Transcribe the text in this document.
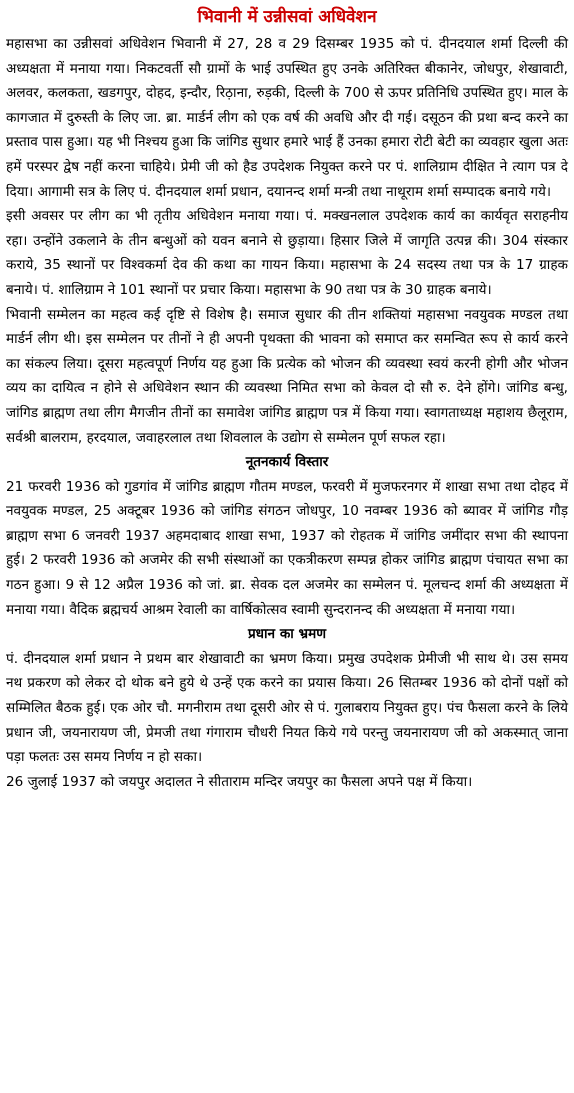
भिवानी में उन्नीसवां अधिवेशन

महासभा का उन्नीसवां अधिवेशन भिवानी में 27, 28 व 29 दिसम्बर 1935 को पं. दीनदयाल शर्मा दिल्ली की अध्यक्षता में मनाया गया। निकटवर्ती सौ ग्रामों के भाई उपस्थित हुए उनके अतिरिक्त बीकानेर, जोधपुर, शेखावाटी, अलवर, कलकता, खडगपुर, दोहद, इन्दौर, रिठ़ाना, रुड़की, दिल्ली के 700 से ऊपर प्रतिनिधि उपस्थित हुए। माल के कागजात में दुरुस्ती के लिए जा. ब्रा. मार्डर्न लीग को एक वर्ष की अवधि और दी गई। दसूठन की प्रथा बन्द करने का प्रस्ताव पास हुआ। यह भी निश्चय हुआ कि जांगिड सुथार हमारे भाई हैं उनका हमारा रोटी बेटी का व्यवहार खुला अतः हमें परस्पर द्वेष नहीं करना चाहिये। प्रेमी जी को हैड उपदेशक नियुक्त करने पर पं. शालिग्राम दीक्षित ने त्याग पत्र दे दिया। आगामी सत्र के लिए पं. दीनदयाल शर्मा प्रधान, दयानन्द शर्मा मन्त्री तथा नाथूराम शर्मा सम्पादक बनाये गये।

इसी अवसर पर लीग का भी तृतीय अधिवेशन मनाया गया। पं. मक्खनलाल उपदेशक कार्य का कार्यवृत सराहनीय रहा। उन्होंने उकलाने के तीन बन्धुओं को यवन बनाने से छुड़ाया। हिसार जिले में जागृति उत्पन्न की। 304 संस्कार कराये, 35 स्थानों पर विश्वकर्मा देव की कथा का गायन किया। महासभा के 24 सदस्य तथा पत्र के 17 ग्राहक बनाये। पं. शालिग्राम ने 101 स्थानों पर प्रचार किया। महासभा के 90 तथा पत्र के 30 ग्राहक बनाये।

भिवानी सम्मेलन का महत्व कई दृष्टि से विशेष है। समाज सुधार की तीन शक्तियां महासभा नवयुवक मण्डल तथा मार्डर्न लीग थी। इस सम्मेलन पर तीनों ने ही अपनी पृथक्ता की भावना को समाप्त कर समन्वित रूप से कार्य करने का संकल्प लिया। दूसरा महत्वपूर्ण निर्णय यह हुआ कि प्रत्येक को भोजन की व्यवस्था स्वयं करनी होगी और भोजन व्यय का दायित्व न होने से अधिवेशन स्थान की व्यवस्था निमित सभा को केवल दो सौ रु. देने होंगे। जांगिड बन्धु, जांगिड ब्राह्मण तथा लीग मैगजीन तीनों का समावेश जांगिड ब्राह्मण पत्र में किया गया। स्वागताध्यक्ष महाशय छैलूराम, सर्वश्री बालराम, हरदयाल, जवाहरलाल तथा शिवलाल के उद्योग से सम्मेलन पूर्ण सफल रहा।

नूतनकार्य विस्तार

21 फरवरी 1936 को गुडगांव में जांगिड ब्राह्मण गौतम मण्डल, फरवरी में मुजफरनगर में शाखा सभा तथा दोहद में नवयुवक मण्डल, 25 अक्टूबर 1936 को जांगिड संगठन जोधपुर, 10 नवम्बर 1936 को ब्यावर में जांगिड गौड़ ब्राह्मण सभा 6 जनवरी 1937 अहमदाबाद शाखा सभा, 1937 को रोहतक में जांगिड जमींदार सभा की स्थापना हुई। 2 फरवरी 1936 को अजमेर की सभी संस्थाओं का एकत्रीकरण सम्पन्न होकर जांगिड ब्राह्मण पंचायत सभा का गठन हुआ। 9 से 12 अप्रैल 1936 को जां. ब्रा. सेवक दल अजमेर का सम्मेलन पं. मूलचन्द शर्मा की अध्यक्षता में मनाया गया। वैदिक ब्रह्मचर्य आश्रम रेवाली का वार्षिकोत्सव स्वामी सुन्दरानन्द की अध्यक्षता में मनाया गया।

प्रधान का भ्रमण

पं. दीनदयाल शर्मा प्रधान ने प्रथम बार शेखावाटी का भ्रमण किया। प्रमुख उपदेशक प्रेमीजी भी साथ थे। उस समय नथ प्रकरण को लेकर दो थोक बने हुये थे उन्हें एक करने का प्रयास किया। 26 सितम्बर 1936 को दोनों पक्षों को सम्मिलित बैठक हुई। एक ओर चौ. मगनीराम तथा दूसरी ओर से पं. गुलाबराय नियुक्त हुए। पंच फैसला करने के लिये प्रधान जी, जयनारायण जी, प्रेमजी तथा गंगाराम चौधरी नियत किये गये परन्तु जयनारायण जी को अकस्मात् जाना पड़ा फलतः उस समय निर्णय न हो सका।

26 जुलाई 1937 को जयपुर अदालत ने सीताराम मन्दिर जयपुर का फैसला अपने पक्ष में किया।
